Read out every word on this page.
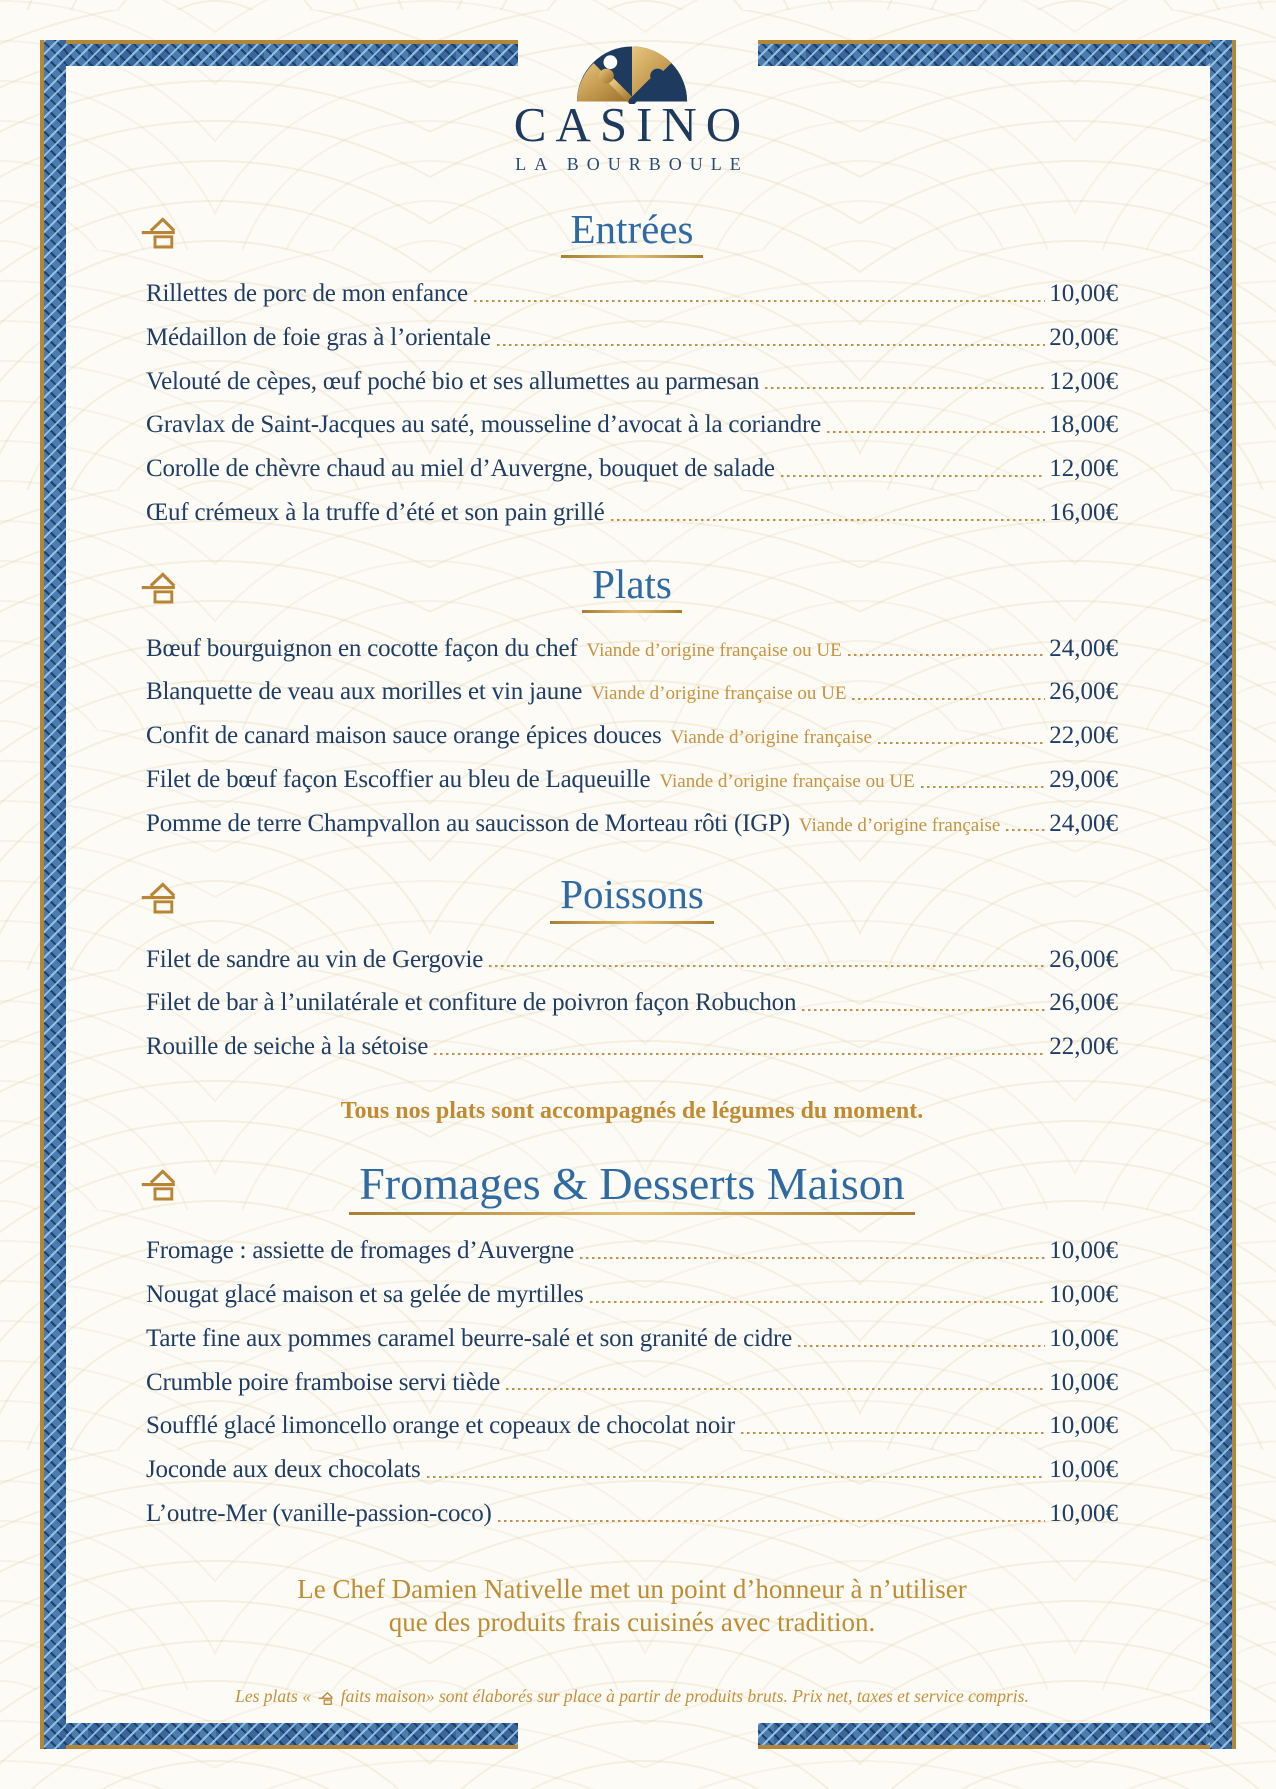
CASINO
LA BOURBOULE
Entrées
Rillettes de porc de mon enfance	10,00€
Médaillon de foie gras à l’orientale	20,00€
Velouté de cèpes, œuf poché bio et ses allumettes au parmesan	12,00€
Gravlax de Saint-Jacques au saté, mousseline d’avocat à la coriandre	18,00€
Corolle de chèvre chaud au miel d’Auvergne, bouquet de salade	12,00€
Œuf crémeux à la truffe d’été et son pain grillé	16,00€
Plats
Bœuf bourguignon en cocotte façon du chef Viande d’origine française ou UE	24,00€
Blanquette de veau aux morilles et vin jaune Viande d’origine française ou UE	26,00€
Confit de canard maison sauce orange épices douces Viande d’origine française	22,00€
Filet de bœuf façon Escoffier au bleu de Laqueuille Viande d’origine française ou UE	29,00€
Pomme de terre Champvallon au saucisson de Morteau rôti (IGP) Viande d’origine française 24,00€
Poissons
Filet de sandre au vin de Gergovie	26,00€
Filet de bar à l’unilatérale et confiture de poivron façon Robuchon	26,00€
Rouille de seiche à la sétoise	22,00€
Tous nos plats sont accompagnés de légumes du moment.
Fromages & Desserts Maison
Fromage : assiette de fromages d’Auvergne	10,00€
Nougat glacé maison et sa gelée de myrtilles	10,00€
Tarte fine aux pommes caramel beurre-salé et son granité de cidre	10,00€
Crumble poire framboise servi tiède	10,00€
Soufflé glacé limoncello orange et copeaux de chocolat noir	10,00€
Joconde aux deux chocolats	10,00€
L’outre-Mer (vanille-passion-coco)	10,00€
Le Chef Damien Nativelle met un point d’honneur à n’utiliser
que des produits frais cuisinés avec tradition.
Les plats « faits maison» sont élaborés sur place à partir de produits bruts. Prix net, taxes et service compris.
